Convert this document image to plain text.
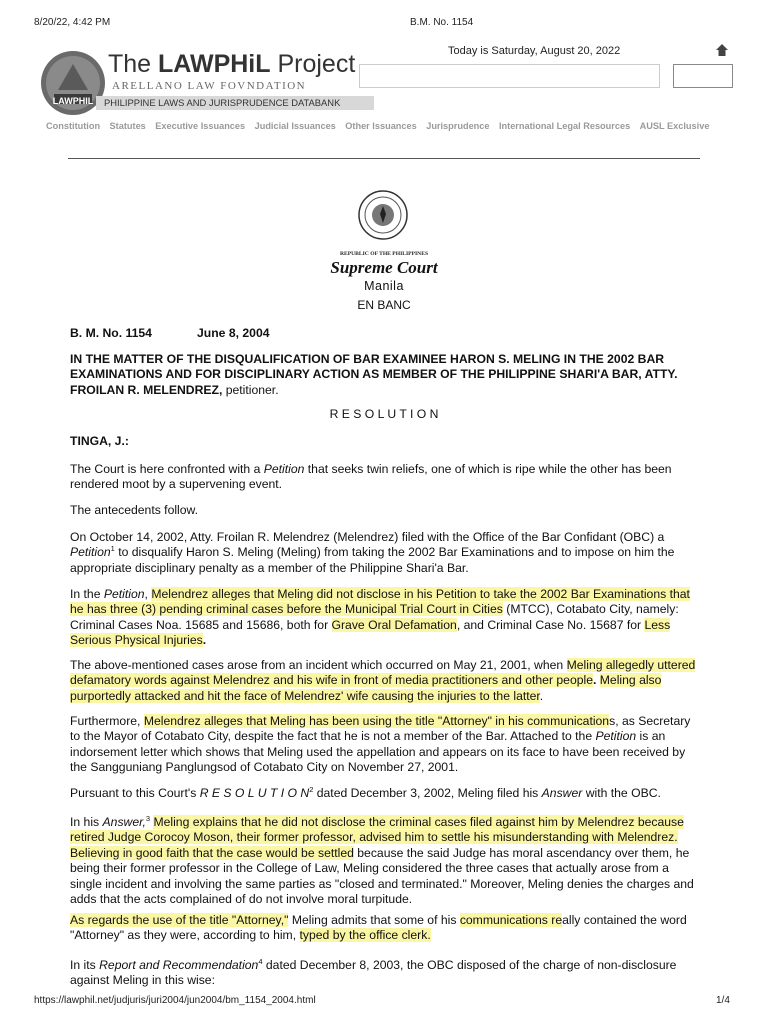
8/20/22, 4:42 PM	B.M. No. 1154
LAWPHIL
The LAWPHiL Project
ARELLANO LAW FOVNDATION
PHILIPPINE LAWS AND JURISPRUDENCE DATABANK
Today is Saturday, August 20, 2022
Constitution Statutes Executive Issuances Judicial Issuances Other Issuances Jurisprudence International Legal Resources AUSL Exclusive
REPUBLIC OF THE PHILIPPINES
Supreme Court
Manila
EN BANC
B. M. No. 1154	June 8, 2004
IN THE MATTER OF THE DISQUALIFICATION OF BAR EXAMINEE HARON S. MELING IN THE 2002 BAR EXAMINATIONS AND FOR DISCIPLINARY ACTION AS MEMBER OF THE PHILIPPINE SHARI'A BAR, ATTY. FROILAN R. MELENDREZ, petitioner.
R E S O L U T I O N
TINGA, J.:

The Court is here confronted with a Petition that seeks twin reliefs, one of which is ripe while the other has been rendered moot by a supervening event.

The antecedents follow.

On October 14, 2002, Atty. Froilan R. Melendrez (Melendrez) filed with the Office of the Bar Confidant (OBC) a Petition$^1$ to disqualify Haron S. Meling (Meling) from taking the 2002 Bar Examinations and to impose on him the appropriate disciplinary penalty as a member of the Philippine Shari'a Bar.

In the Petition, Melendrez alleges that Meling did not disclose in his Petition to take the 2002 Bar Examinations that he has three (3) pending criminal cases before the Municipal Trial Court in Cities (MTCC), Cotabato City, namely: Criminal Cases Noa. 15685 and 15686, both for Grave Oral Defamation, and Criminal Case No. 15687 for Less Serious Physical Injuries.

The above-mentioned cases arose from an incident which occurred on May 21, 2001, when Meling allegedly uttered defamatory words against Melendrez and his wife in front of media practitioners and other people. Meling also purportedly attacked and hit the face of Melendrez' wife causing the injuries to the latter.

Furthermore, Melendrez alleges that Meling has been using the title "Attorney" in his communications, as Secretary to the Mayor of Cotabato City, despite the fact that he is not a member of the Bar. Attached to the Petition is an indorsement letter which shows that Meling used the appellation and appears on its face to have been received by the Sangguniang Panglungsod of Cotabato City on November 27, 2001.

Pursuant to this Court's R E S O L U T I O $N^2$ dated December 3, 2002, Meling filed his Answer with the OBC.

In his Answer,$^3$ Meling explains that he did not disclose the criminal cases filed against him by Melendrez because retired Judge Corocoy Moson, their former professor, advised him to settle his misunderstanding with Melendrez. Believing in good faith that the case would be settled because the said Judge has moral ascendancy over them, he being their former professor in the College of Law, Meling considered the three cases that actually arose from a single incident and involving the same parties as "closed and terminated." Moreover, Meling denies the charges and adds that the acts complained of do not involve moral turpitude.

As regards the use of the title "Attorney," Meling admits that some of his communications really contained the word "Attorney" as they were, according to him, typed by the office clerk.

In its Report and Recommendation$^4$ dated December 8, 2003, the OBC disposed of the charge of non-disclosure against Meling in this wise:

https://lawphil.net/judjuris/juri2004/jun2004/bm_1154_2004.html	1/4
